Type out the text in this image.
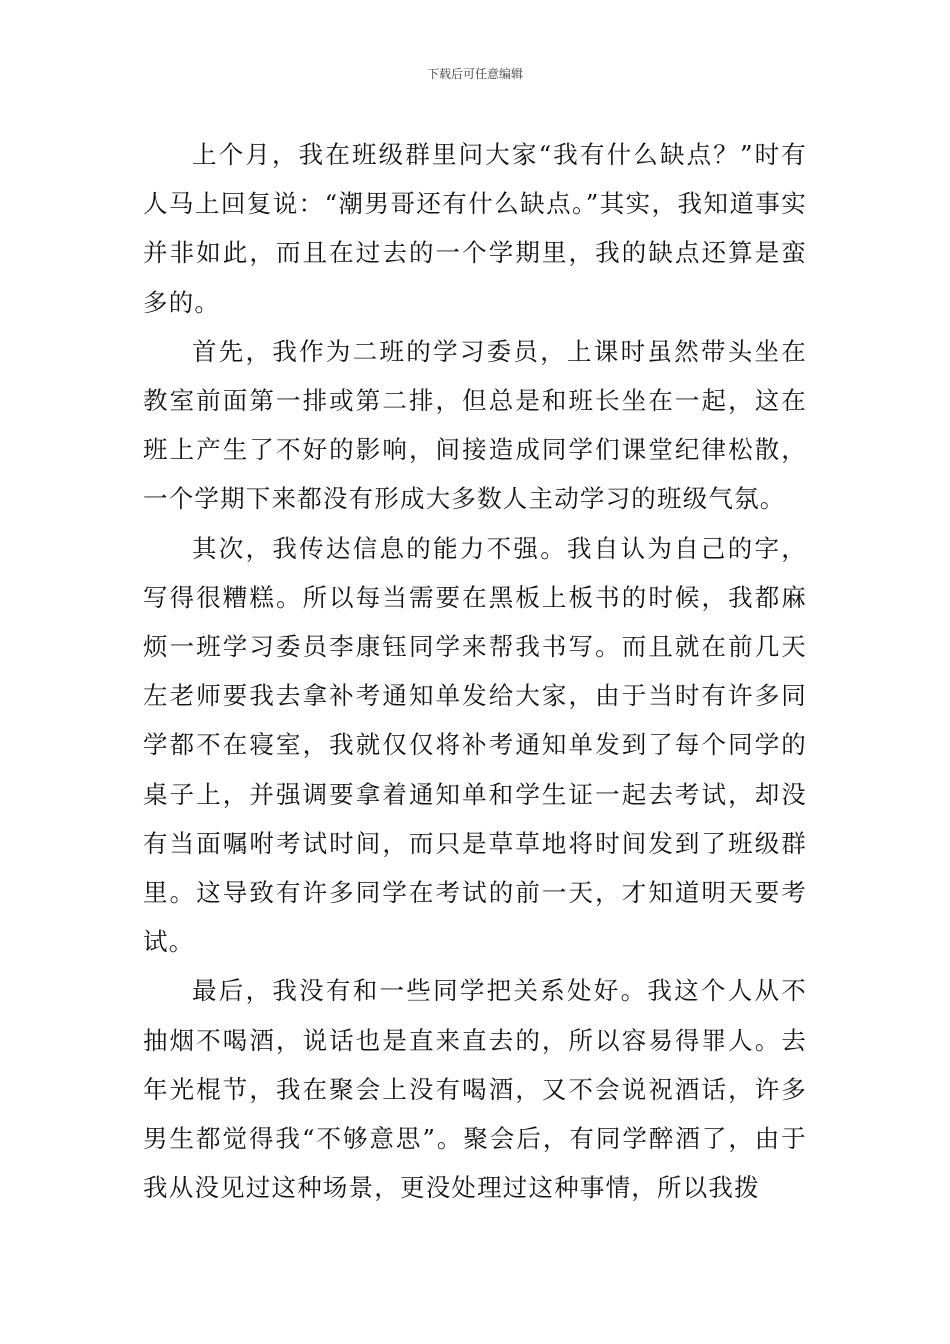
下载后可任意编辑

上个月，我在班级群里问大家“我有什么缺点？”时有人马上回复说：“潮男哥还有什么缺点。”其实，我知道事实并非如此，而且在过去的一个学期里，我的缺点还算是蛮多的。

首先，我作为二班的学习委员，上课时虽然带头坐在教室前面第一排或第二排，但总是和班长坐在一起，这在班上产生了不好的影响，间接造成同学们课堂纪律松散，一个学期下来都没有形成大多数人主动学习的班级气氛。

其次，我传达信息的能力不强。我自认为自己的字，写得很糟糕。所以每当需要在黑板上板书的时候，我都麻烦一班学习委员李康钰同学来帮我书写。而且就在前几天左老师要我去拿补考通知单发给大家，由于当时有许多同学都不在寝室，我就仅仅将补考通知单发到了每个同学的桌子上，并强调要拿着通知单和学生证一起去考试，却没有当面嘱咐考试时间，而只是草草地将时间发到了班级群里。这导致有许多同学在考试的前一天，才知道明天要考试。

最后，我没有和一些同学把关系处好。我这个人从不抽烟不喝酒，说话也是直来直去的，所以容易得罪人。去年光棍节，我在聚会上没有喝酒，又不会说祝酒话，许多男生都觉得我“不够意思”。聚会后，有同学醉酒了，由于我从没见过这种场景，更没处理过这种事情，所以我拨
